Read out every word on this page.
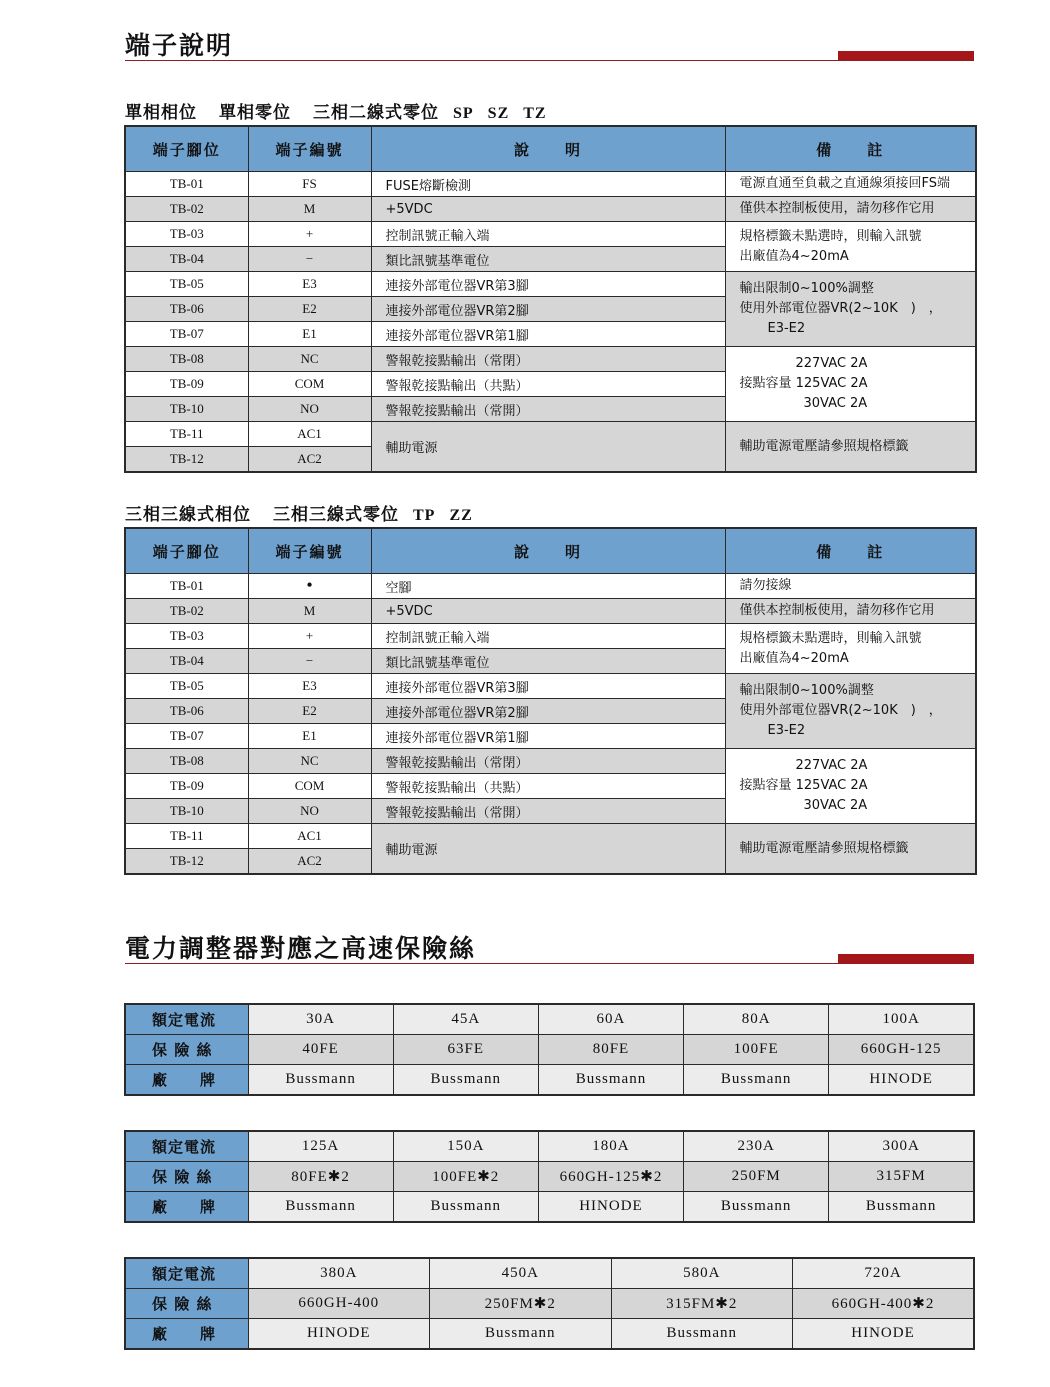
端子說明
單相相位 單相零位 三相二線式零位 SP SZ TZ
端子腳位	端子編號	說　　明	備　　註
TB-01	FS	FUSE熔斷檢測	電源直通至負載之直通線須接回FS端
TB-02	M	+5VDC	僅供本控制板使用，請勿移作它用
TB-03	+	控制訊號正輸入端	規格標籤未點選時，則輸入訊號
出廠值為4~20mA

TB-04	−	類比訊號基準電位	
TB-05	E3	連接外部電位器VR第3腳	輸出限制0~100%調整
使用外部電位器VR(2~10K　)　，
E3-E2

TB-06	E2	連接外部電位器VR第2腳	
TB-07	E1	連接外部電位器VR第1腳	
TB-08	NC	警報乾接點輸出（常閉）	227VAC 2A
接點容量 125VAC 2A
30VAC 2A

TB-09	COM	警報乾接點輸出（共點）	
TB-10	NO	警報乾接點輸出（常開）	
TB-11	AC1	輔助電源	輔助電源電壓請參照規格標籤
TB-12	AC2		
三相三線式相位 三相三線式零位 TP ZZ
端子腳位	端子編號	說　　明	備　　註
TB-01	•	空腳	請勿接線
TB-02	M	+5VDC	僅供本控制板使用，請勿移作它用
TB-03	+	控制訊號正輸入端	規格標籤未點選時，則輸入訊號
出廠值為4~20mA

TB-04	−	類比訊號基準電位	
TB-05	E3	連接外部電位器VR第3腳	輸出限制0~100%調整
使用外部電位器VR(2~10K　)　，
E3-E2

TB-06	E2	連接外部電位器VR第2腳	
TB-07	E1	連接外部電位器VR第1腳	
TB-08	NC	警報乾接點輸出（常閉）	227VAC 2A
接點容量 125VAC 2A
30VAC 2A

TB-09	COM	警報乾接點輸出（共點）	
TB-10	NO	警報乾接點輸出（常開）	
TB-11	AC1	輔助電源	輔助電源電壓請參照規格標籤
TB-12	AC2		
電力調整器對應之高速保險絲
額定電流	30A	45A	60A	80A	100A
保 險 絲	40FE	63FE	80FE	100FE	660GH-125
廠　　牌	Bussmann	Bussmann	Bussmann	Bussmann	HINODE
額定電流	125A	150A	180A	230A	300A
保 險 絲	80FE✱2	100FE✱2	660GH-125✱2	250FM	315FM
廠　　牌	Bussmann	Bussmann	HINODE	Bussmann	Bussmann
額定電流	380A	450A	580A	720A
保 險 絲	660GH-400	250FM✱2	315FM✱2	660GH-400✱2
廠　　牌	HINODE	Bussmann	Bussmann	HINODE
